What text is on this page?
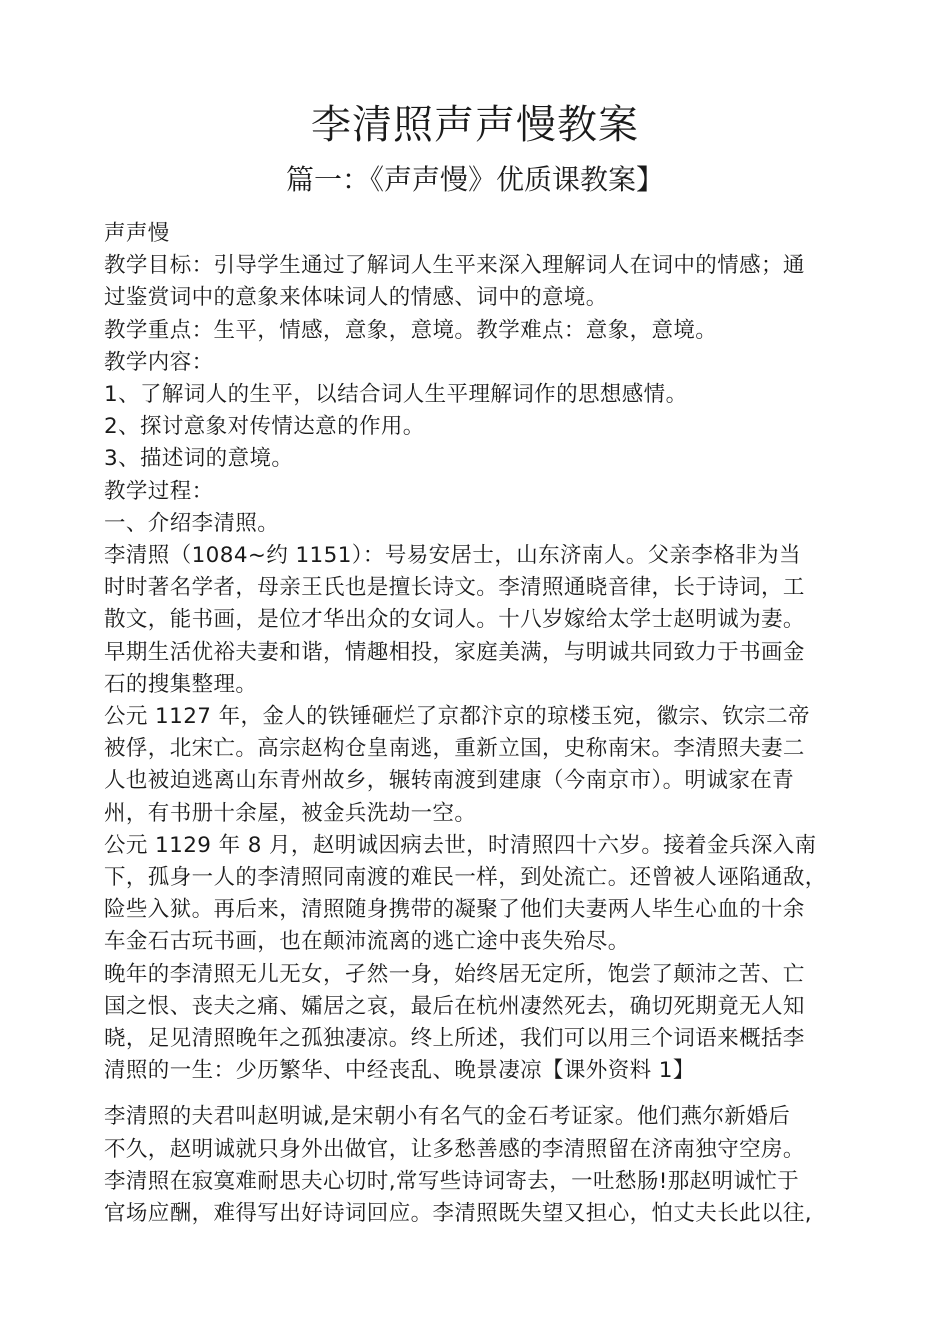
李清照声声慢教案
篇一：《声声慢》优质课教案】

声声慢

教学目标：引导学生通过了解词人生平来深入理解词人在词中的情感；通

过鉴赏词中的意象来体味词人的情感、词中的意境。

教学重点：生平，情感，意象，意境。教学难点：意象，意境。

教学内容：

1、了解词人的生平，以结合词人生平理解词作的思想感情。

2、探讨意象对传情达意的作用。

3、描述词的意境。

教学过程：

一、介绍李清照。

李清照（1084~约 1151）：号易安居士，山东济南人。父亲李格非为当

时时著名学者，母亲王氏也是擅长诗文。李清照通晓音律，长于诗词，工

散文，能书画，是位才华出众的女词人。十八岁嫁给太学士赵明诚为妻。

早期生活优裕夫妻和谐，情趣相投，家庭美满，与明诚共同致力于书画金

石的搜集整理。

公元 1127 年，金人的铁锤砸烂了京都汴京的琼楼玉宛，徽宗、钦宗二帝

被俘，北宋亡。高宗赵构仓皇南逃，重新立国，史称南宋。李清照夫妻二

人也被迫逃离山东青州故乡，辗转南渡到建康（今南京市）。明诚家在青

州，有书册十余屋，被金兵洗劫一空。

公元 1129 年 8 月，赵明诚因病去世，时清照四十六岁。接着金兵深入南

下，孤身一人的李清照同南渡的难民一样，到处流亡。还曾被人诬陷通敌，

险些入狱。再后来，清照随身携带的凝聚了他们夫妻两人毕生心血的十余

车金石古玩书画，也在颠沛流离的逃亡途中丧失殆尽。

晚年的李清照无儿无女，孑然一身，始终居无定所，饱尝了颠沛之苦、亡

国之恨、丧夫之痛、孀居之哀，最后在杭州凄然死去，确切死期竟无人知

晓，足见清照晚年之孤独凄凉。终上所述，我们可以用三个词语来概括李

清照的一生：少历繁华、中经丧乱、晚景凄凉【课外资料 1】

李清照的夫君叫赵明诚,是宋朝小有名气的金石考证家。他们燕尔新婚后

不久，赵明诚就只身外出做官，让多愁善感的李清照留在济南独守空房。

李清照在寂寞难耐思夫心切时,常写些诗词寄去，一吐愁肠!那赵明诚忙于

官场应酬，难得写出好诗词回应。李清照既失望又担心，怕丈夫长此以往,
